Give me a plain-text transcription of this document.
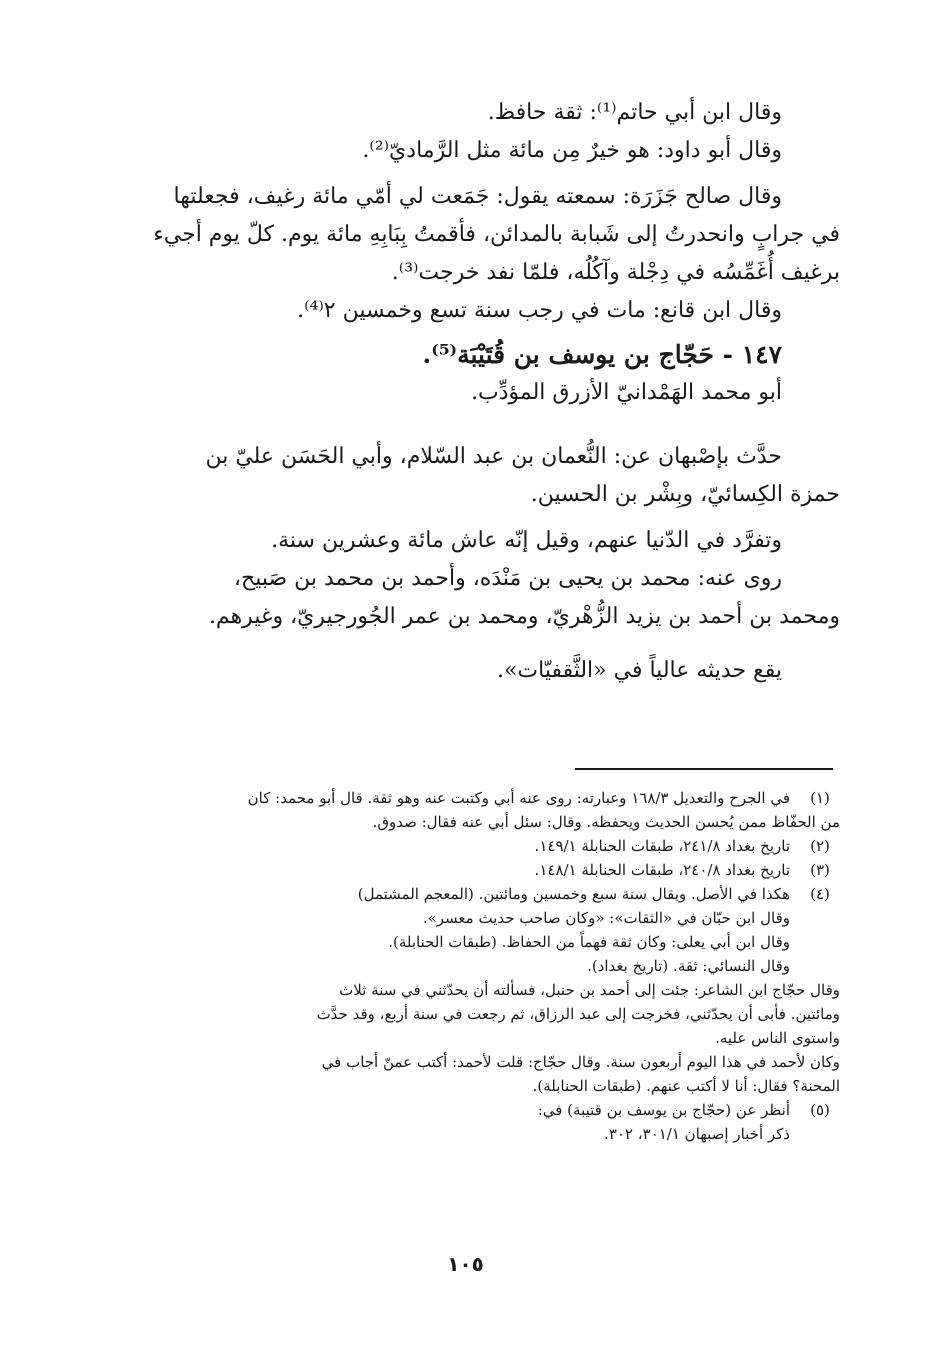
وقال ابن أبي حاتم⁽¹⁾: ثقة حافظ.

وقال أبو داود: هو خيرٌ مِن مائة مثل الرَّماديّ⁽²⁾.

وقال صالح جَزَرَة: سمعته يقول: جَمَعت لي أمّي مائة رغيف، فجعلتها

في جرابٍ وانحدرتُ إلى شَبابة بالمدائن، فأقمتُ بِبَابِهِ مائة يوم. كلّ يوم أجيء

برغيف أُغَمِّسُه في دِجْلة وآكُلُه، فلمّا نفد خرجت⁽³⁾.

وقال ابن قانع: مات في رجب سنة تسع وخمسين ٢⁽⁴⁾.

١٤٧ - حَجّاج بن يوسف بن قُتَيْبَة⁽⁵⁾.

أبو محمد الهَمْدانيّ الأزرق المؤدِّب.

حدَّث بإصْبهان عن: النُّعمان بن عبد السّلام، وأبي الحَسَن عليّ بن

حمزة الكِسائيّ، وبِشْر بن الحسين.

وتفرَّد في الدّنيا عنهم، وقيل إنّه عاش مائة وعشرين سنة.

روى عنه: محمد بن يحيى بن مَنْدَه، وأحمد بن محمد بن صَبيح،

ومحمد بن أحمد بن يزيد الزُّهْريّ، ومحمد بن عمر الجُورجيريّ، وغيرهم.

يقع حديثه عالياً في «الثَّقفيّات».

(١)
في الجرح والتعديل ١٦٨/٣ وعبارته: روى عنه أبي وكتبت عنه وهو ثقة. قال أبو محمد: كان
من الحفّاظ ممن يُحسن الحديث ويحفظه. وقال: سئل أبي عنه فقال: صدوق.
(٢)
تاريخ بغداد ٢٤١/٨، طبقات الحنابلة ١٤٩/١.
(٣)
تاريخ بغداد ٢٤٠/٨، طبقات الحنابلة ١٤٨/١.
(٤)
هكذا في الأصل. ويقال سنة سبع وخمسين ومائتين. (المعجم المشتمل)
وقال ابن حبّان في «الثقات»: «وكان صاحب حديث معسر».
وقال ابن أبي يعلى: وكان ثقة فهماً من الحفاظ. (طبقات الحنابلة).
وقال النسائي: ثقة. (تاريخ بغداد).
وقال حجّاج ابن الشاعر: جئت إلى أحمد بن حنبل، فسألته أن يحدّثني في سنة ثلاث
ومائتين. فأبى أن يحدّثني، فخرجت إلى عبد الرزاق، ثم رجعت في سنة أربع، وقد حدَّث
واستوى الناس عليه.
وكان لأحمد في هذا اليوم أربعون سنة. وقال حجّاج: قلت لأحمد: أكتب عمنّ أجاب في
المحنة؟ فقال: أنا لا أكتب عنهم. (طبقات الحنابلة).
(٥)
أنظر عن (حجّاج بن يوسف بن قتيبة) في:
ذكر أخبار إصبهان ٣٠١/١، ٣٠٢.
١٠٥
